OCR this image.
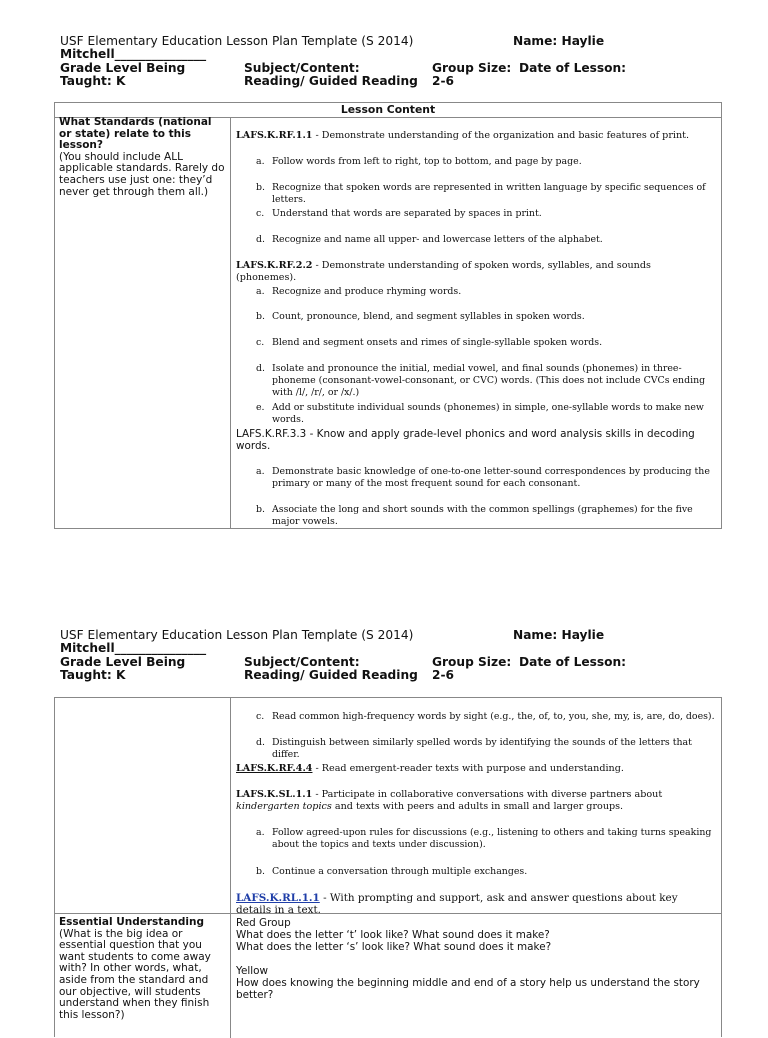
USF Elementary Education Lesson Plan Template (S 2014)	Name: Haylie
Mitchell_______________
Grade Level Being Taught: K
Subject/Content: Reading/ Guided Reading
Group Size: 2-6
Date of Lesson:
Lesson Content
What Standards (national or state) relate to this lesson?
(You should include ALL applicable standards. Rarely do teachers use just one: they’d never get through them all.)
LAFS.K.RF.1.1 - Demonstrate understanding of the organization and basic features of print.
a. Follow words from left to right, top to bottom, and page by page.
b. Recognize that spoken words are represented in written language by specific sequences of letters.
c. Understand that words are separated by spaces in print.
d. Recognize and name all upper- and lowercase letters of the alphabet.
LAFS.K.RF.2.2 - Demonstrate understanding of spoken words, syllables, and sounds (phonemes).
a. Recognize and produce rhyming words.
b. Count, pronounce, blend, and segment syllables in spoken words.
c. Blend and segment onsets and rimes of single-syllable spoken words.
d. Isolate and pronounce the initial, medial vowel, and final sounds (phonemes) in three-phoneme (consonant-vowel-consonant, or CVC) words. (This does not include CVCs ending with /l/, /r/, or /x/.)
e. Add or substitute individual sounds (phonemes) in simple, one-syllable words to make new words.
LAFS.K.RF.3.3 - Know and apply grade-level phonics and word analysis skills in decoding words.
a. Demonstrate basic knowledge of one-to-one letter-sound correspondences by producing the primary or many of the most frequent sound for each consonant.
b. Associate the long and short sounds with the common spellings (graphemes) for the five major vowels.
USF Elementary Education Lesson Plan Template (S 2014)	Name: Haylie
Mitchell_______________
Grade Level Being Taught: K
Subject/Content: Reading/ Guided Reading
Group Size: 2-6
Date of Lesson:
c. Read common high-frequency words by sight (e.g., the, of, to, you, she, my, is, are, do, does).
d. Distinguish between similarly spelled words by identifying the sounds of the letters that differ.
LAFS.K.RF.4.4 - Read emergent-reader texts with purpose and understanding.
LAFS.K.SL.1.1 - Participate in collaborative conversations with diverse partners about kindergarten topics and texts with peers and adults in small and larger groups.
a. Follow agreed-upon rules for discussions (e.g., listening to others and taking turns speaking about the topics and texts under discussion).
b. Continue a conversation through multiple exchanges.
LAFS.K.RL.1.1 - With prompting and support, ask and answer questions about key details in a text.
Essential Understanding
(What is the big idea or essential question that you want students to come away with? In other words, what, aside from the standard and our objective, will students understand when they finish this lesson?)
Red Group
What does the letter ‘t’ look like? What sound does it make?
What does the letter ‘s’ look like? What sound does it make?
Yellow
How does knowing the beginning middle and end of a story help us understand the story better?
